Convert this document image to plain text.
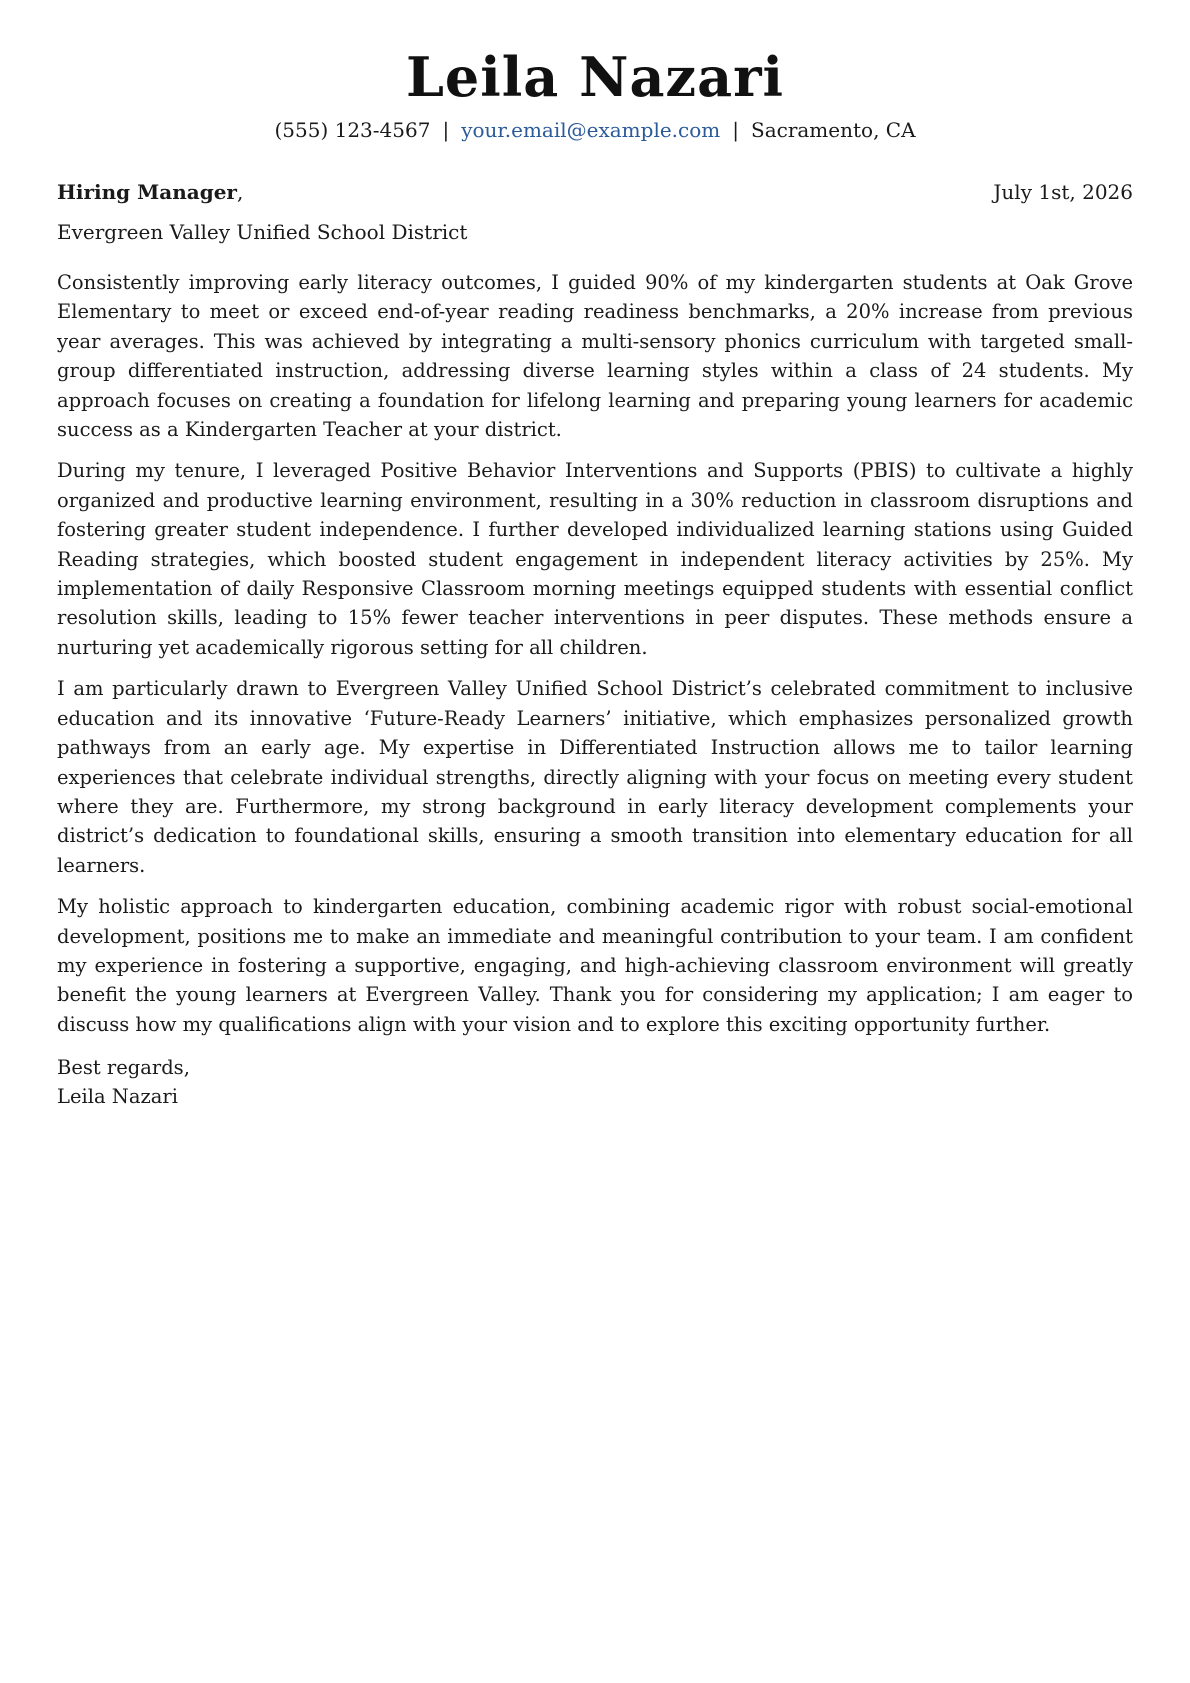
Leila Nazari
(555) 123-4567 | your.email@example.com | Sacramento, CA
Hiring Manager,	July 1st, 2026
Evergreen Valley Unified School District

Consistently improving early literacy outcomes, I guided 90% of my kindergarten students at Oak Grove Elementary to meet or exceed end-of-year reading readiness benchmarks, a 20% increase from previous year averages. This was achieved by integrating a multi-sensory phonics curriculum with targeted small-group differentiated instruction, addressing diverse learning styles within a class of 24 students. My approach focuses on creating a foundation for lifelong learning and preparing young learners for academic success as a Kindergarten Teacher at your district.

During my tenure, I leveraged Positive Behavior Interventions and Supports (PBIS) to cultivate a highly organized and productive learning environment, resulting in a 30% reduction in classroom disruptions and fostering greater student independence. I further developed individualized learning stations using Guided Reading strategies, which boosted student engagement in independent literacy activities by 25%. My implementation of daily Responsive Classroom morning meetings equipped students with essential conflict resolution skills, leading to 15% fewer teacher interventions in peer disputes. These methods ensure a nurturing yet academically rigorous setting for all children.

I am particularly drawn to Evergreen Valley Unified School District’s celebrated commitment to inclusive education and its innovative ‘Future-Ready Learners’ initiative, which emphasizes personalized growth pathways from an early age. My expertise in Differentiated Instruction allows me to tailor learning experiences that celebrate individual strengths, directly aligning with your focus on meeting every student where they are. Furthermore, my strong background in early literacy development complements your district’s dedication to foundational skills, ensuring a smooth transition into elementary education for all learners.

My holistic approach to kindergarten education, combining academic rigor with robust social-emotional development, positions me to make an immediate and meaningful contribution to your team. I am confident my experience in fostering a supportive, engaging, and high-achieving classroom environment will greatly benefit the young learners at Evergreen Valley. Thank you for considering my application; I am eager to discuss how my qualifications align with your vision and to explore this exciting opportunity further.

Best regards,
Leila Nazari
